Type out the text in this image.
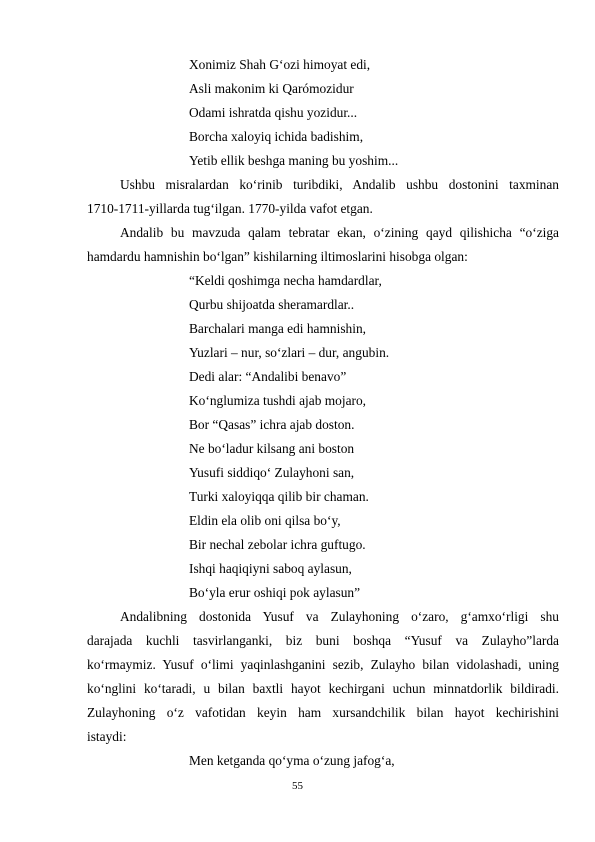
Xonimiz Shah G‘ozi himoyat edi,
Asli makonim ki Qarómozidur
Odami ishratda qishu yozidur...
Borcha xaloyiq ichida badishim,
Yetib ellik beshga maning bu yoshim...
Ushbu misralardan ko‘rinib turibdiki, Andalib ushbu dostonini taxminan
1710-1711-yillarda tug‘ilgan. 1770-yilda vafot etgan.
Andalib bu mavzuda qalam tebratar ekan, o‘zining qayd qilishicha “o‘ziga
hamdardu hamnishin bo‘lgan” kishilarning iltimoslarini hisobga olgan:
“Keldi qoshimga necha hamdardlar,
Qurbu shijoatda sheramardlar..
Barchalari manga edi hamnishin,
Yuzlari – nur, so‘zlari – dur, angubin.
Dedi alar: “Andalibi benavo”
Ko‘nglumiza tushdi ajab mojaro,
Bor “Qasas” ichra ajab doston.
Ne bo‘ladur kilsang ani boston
Yusufi siddiqo‘ Zulayhoni san,
Turki xaloyiqqa qilib bir chaman.
Eldin ela olib oni qilsa bo‘y,
Bir nechal zebolar ichra guftugo.
Ishqi haqiqiyni saboq aylasun,
Bo‘yla erur oshiqi pok aylasun”
Andalibning dostonida Yusuf va Zulayhoning o‘zaro, g‘amxo‘rligi shu
darajada kuchli tasvirlanganki, biz buni boshqa “Yusuf va Zulayho”larda
ko‘rmaymiz. Yusuf o‘limi yaqinlashganini sezib, Zulayho bilan vidolashadi, uning
ko‘nglini ko‘taradi, u bilan baxtli hayot kechirgani uchun minnatdorlik bildiradi.
Zulayhoning o‘z vafotidan keyin ham xursandchilik bilan hayot kechirishini
istaydi:
Men ketganda qo‘yma o‘zung jafog‘a,
55
